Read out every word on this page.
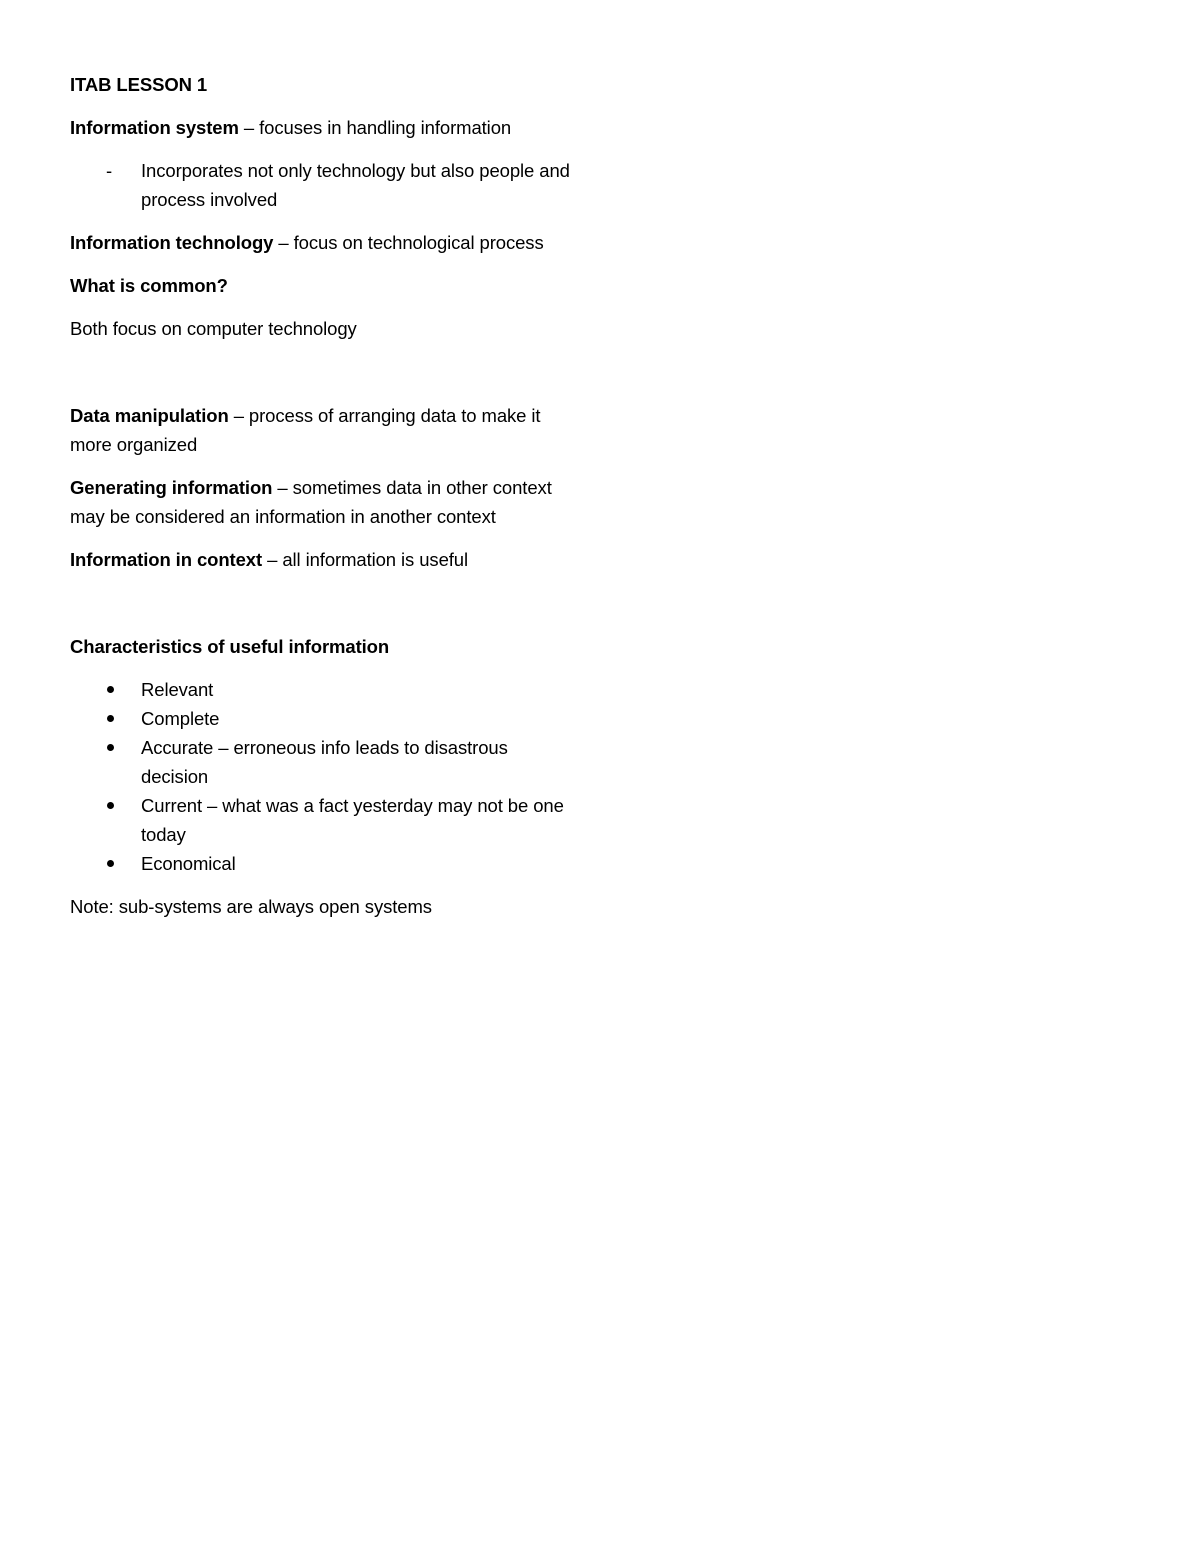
ITAB LESSON 1

Information system – focuses in handling information

- Incorporates not only technology but also people and process involved

Information technology – focus on technological process

What is common?

Both focus on computer technology

Data manipulation – process of arranging data to make it more organized

Generating information – sometimes data in other context may be considered an information in another context

Information in context – all information is useful

Characteristics of useful information

Relevant
Complete
Accurate – erroneous info leads to disastrous decision
Current – what was a fact yesterday may not be one today
Economical

Note: sub-systems are always open systems
